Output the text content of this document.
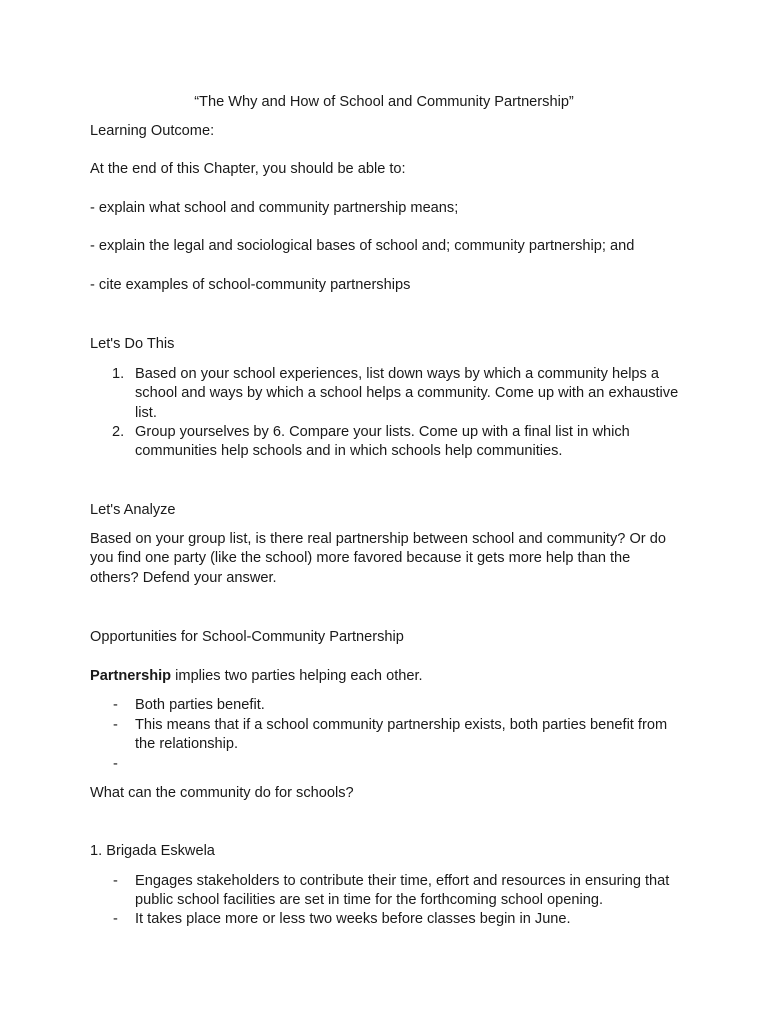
“The Why and How of School and Community Partnership”
Learning Outcome:
At the end of this Chapter, you should be able to:
- explain what school and community partnership means;
- explain the legal and sociological bases of school and; community partnership; and
- cite examples of school-community partnerships
Let's Do This
1. Based on your school experiences, list down ways by which a community helps a school and ways by which a school helps a community. Come up with an exhaustive list.
2. Group yourselves by 6. Compare your lists. Come up with a final list in which communities help schools and in which schools help communities.
Let's Analyze
Based on your group list, is there real partnership between school and community? Or do you find one party (like the school) more favored because it gets more help than the others? Defend your answer.
Opportunities for School-Community Partnership
Partnership implies two parties helping each other.
- Both parties benefit.
- This means that if a school community partnership exists, both parties benefit from the relationship.
-
What can the community do for schools?
1. Brigada Eskwela
- Engages stakeholders to contribute their time, effort and resources in ensuring that public school facilities are set in time for the forthcoming school opening.
- It takes place more or less two weeks before classes begin in June.
